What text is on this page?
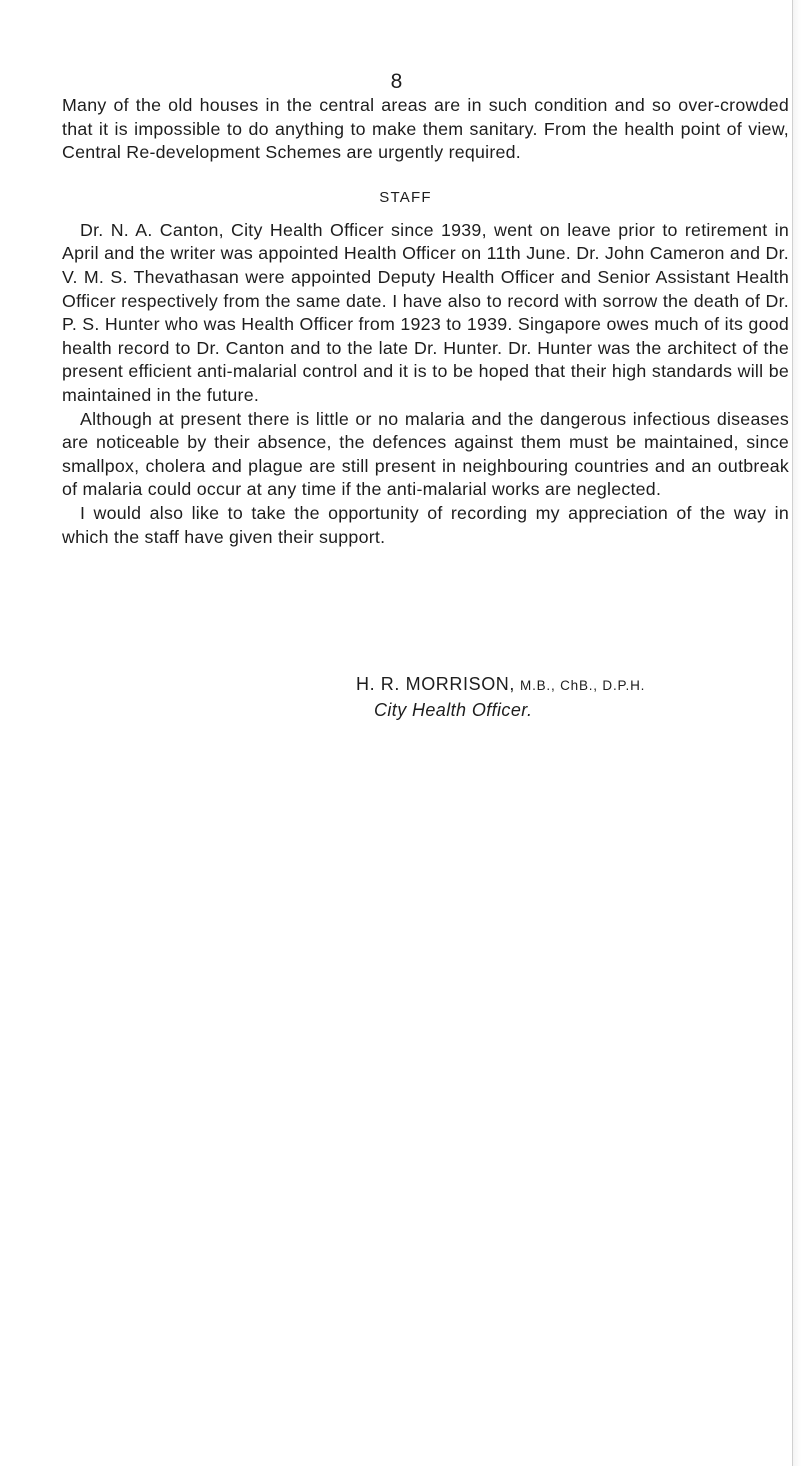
8

Many of the old houses in the central areas are in such condition and so over-crowded that it is impossible to do anything to make them sanitary. From the health point of view, Central Re-development Schemes are urgently required.

STAFF

Dr. N. A. Canton, City Health Officer since 1939, went on leave prior to retirement in April and the writer was appointed Health Officer on 11th June. Dr. John Cameron and Dr. V. M. S. Thevathasan were appointed Deputy Health Officer and Senior Assistant Health Officer respectively from the same date. I have also to record with sorrow the death of Dr. P. S. Hunter who was Health Officer from 1923 to 1939. Singapore owes much of its good health record to Dr. Canton and to the late Dr. Hunter. Dr. Hunter was the architect of the present efficient anti-malarial control and it is to be hoped that their high standards will be maintained in the future.

Although at present there is little or no malaria and the dangerous infectious diseases are noticeable by their absence, the defences against them must be maintained, since smallpox, cholera and plague are still present in neighbouring countries and an outbreak of malaria could occur at any time if the anti-malarial works are neglected.

I would also like to take the opportunity of recording my appreciation of the way in which the staff have given their support.

H. R. MORRISON, M.B., ChB., D.P.H.
City Health Officer.
